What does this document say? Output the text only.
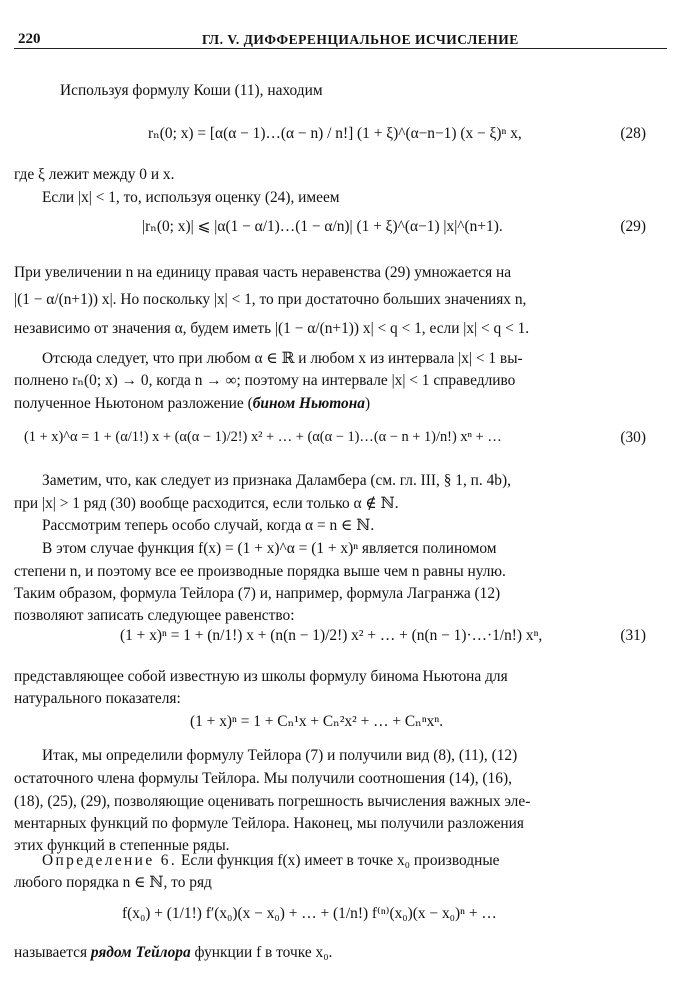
220	ГЛ. V. ДИФФЕРЕНЦИАЛЬНОЕ ИСЧИСЛЕНИЕ
Используя формулу Коши (11), находим
rₙ(0; x) = [α(α − 1)…(α − n) / n!] (1 + ξ)^(α−n−1) (x − ξ)ⁿ x,	(28)
где ξ лежит между 0 и x.
Если |x| < 1, то, используя оценку (24), имеем
|rₙ(0; x)| ⩽ |α(1 − α/1)…(1 − α/n)| (1 + ξ)^(α−1) |x|^(n+1).	(29)
При увеличении n на единицу правая часть неравенства (29) умножается на
|(1 − α/(n+1)) x|. Но поскольку |x| < 1, то при достаточно больших значениях n,
независимо от значения α, будем иметь |(1 − α/(n+1)) x| < q < 1, если |x| < q < 1.
Отсюда следует, что при любом α ∈ ℝ и любом x из интервала |x| < 1 вы-
полнено rₙ(0; x) → 0, когда n → ∞; поэтому на интервале |x| < 1 справедливо
полученное Ньютоном разложение (бином Ньютона)
(1 + x)^α = 1 + (α/1!) x + (α(α − 1)/2!) x² + … + (α(α − 1)…(α − n + 1)/n!) xⁿ + …	(30)
Заметим, что, как следует из признака Даламбера (см. гл. III, § 1, п. 4b),
при |x| > 1 ряд (30) вообще расходится, если только α ∉ ℕ.
Рассмотрим теперь особо случай, когда α = n ∈ ℕ.
В этом случае функция f(x) = (1 + x)^α = (1 + x)ⁿ является полиномом
степени n, и поэтому все ее производные порядка выше чем n равны нулю.
Таким образом, формула Тейлора (7) и, например, формула Лагранжа (12)
позволяют записать следующее равенство:
(1 + x)ⁿ = 1 + (n/1!) x + (n(n − 1)/2!) x² + … + (n(n − 1)·…·1/n!) xⁿ,	(31)
представляющее собой известную из школы формулу бинома Ньютона для
натурального показателя:
(1 + x)ⁿ = 1 + Cₙ¹x + Cₙ²x² + … + Cₙⁿxⁿ.
Итак, мы определили формулу Тейлора (7) и получили вид (8), (11), (12)
остаточного члена формулы Тейлора. Мы получили соотношения (14), (16),
(18), (25), (29), позволяющие оценивать погрешность вычисления важных эле-
ментарных функций по формуле Тейлора. Наконец, мы получили разложения
этих функций в степенные ряды.
Определение 6. Если функция f(x) имеет в точке x₀ производные
любого порядка n ∈ ℕ, то ряд
f(x₀) + (1/1!) f′(x₀)(x − x₀) + … + (1/n!) f⁽ⁿ⁾(x₀)(x − x₀)ⁿ + …
называется рядом Тейлора функции f в точке x₀.
